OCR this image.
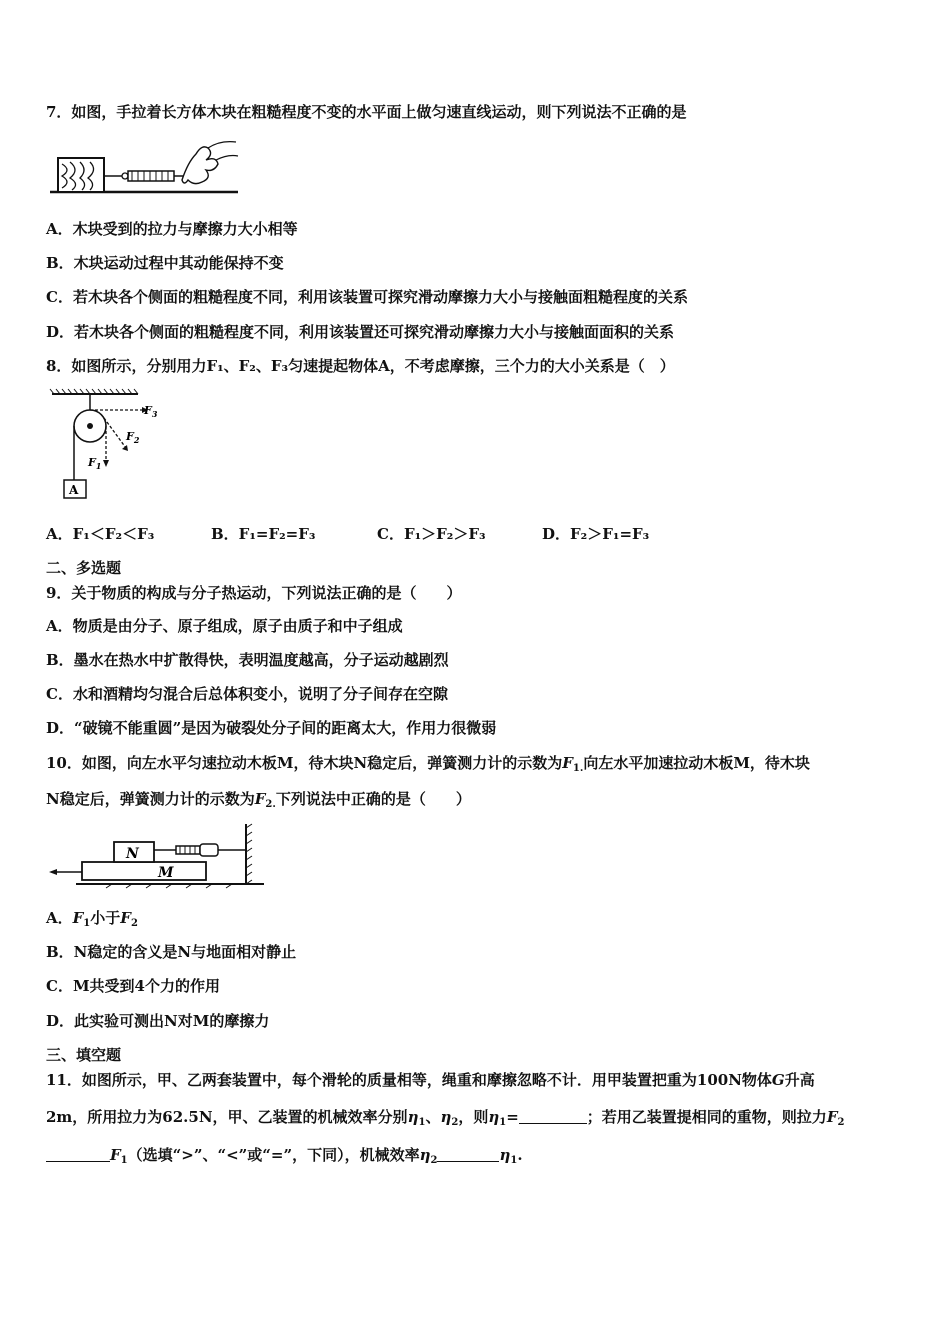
7．如图，手拉着长方体木块在粗糙程度不变的水平面上做匀速直线运动，则下列说法不正确的是
A．木块受到的拉力与摩擦力大小相等
B．木块运动过程中其动能保持不变
C．若木块各个侧面的粗糙程度不同，利用该装置可探究滑动摩擦力大小与接触面粗糙程度的关系
D．若木块各个侧面的粗糙程度不同，利用该装置还可探究滑动摩擦力大小与接触面面积的关系
8．如图所示，分别用力F₁、F₂、F₃匀速提起物体A，不考虑摩擦，三个力的大小关系是（　）
A
$F_3$
$F_2$
$F_1$
A．F₁＜F₂＜F₃	B．F₁=F₂=F₃	C．F₁＞F₂＞F₃	D．F₂＞F₁=F₃
二、多选题
9．关于物质的构成与分子热运动，下列说法正确的是（　　）
A．物质是由分子、原子组成，原子由质子和中子组成
B．墨水在热水中扩散得快，表明温度越高，分子运动越剧烈
C．水和酒精均匀混合后总体积变小，说明了分子间存在空隙
D．“破镜不能重圆”是因为破裂处分子间的距离太大，作用力很微弱
10．如图，向左水平匀速拉动木板M，待木块N稳定后，弹簧测力计的示数为$F_{1.}$向左水平加速拉动木板M，待木块
N稳定后，弹簧测力计的示数为$F_{2.}$下列说法中正确的是（　　）
M
N
A．$F_1$小于$F_2$
B．N稳定的含义是N与地面相对静止
C．M共受到4个力的作用
D．此实验可测出N对M的摩擦力
三、填空题
11．如图所示，甲、乙两套装置中，每个滑轮的质量相等，绳重和摩擦忽略不计．用甲装置把重为100N物体G升高
2m，所用拉力为62.5N，甲、乙装置的机械效率分别$\eta_1$、$\eta_2$，则$\eta_1=$	；若用乙装置提相同的重物，则拉力$F_2$
$F_1$（选填“>”、“<”或“=”，下同），机械效率$\eta_2$	$\eta_1$.
